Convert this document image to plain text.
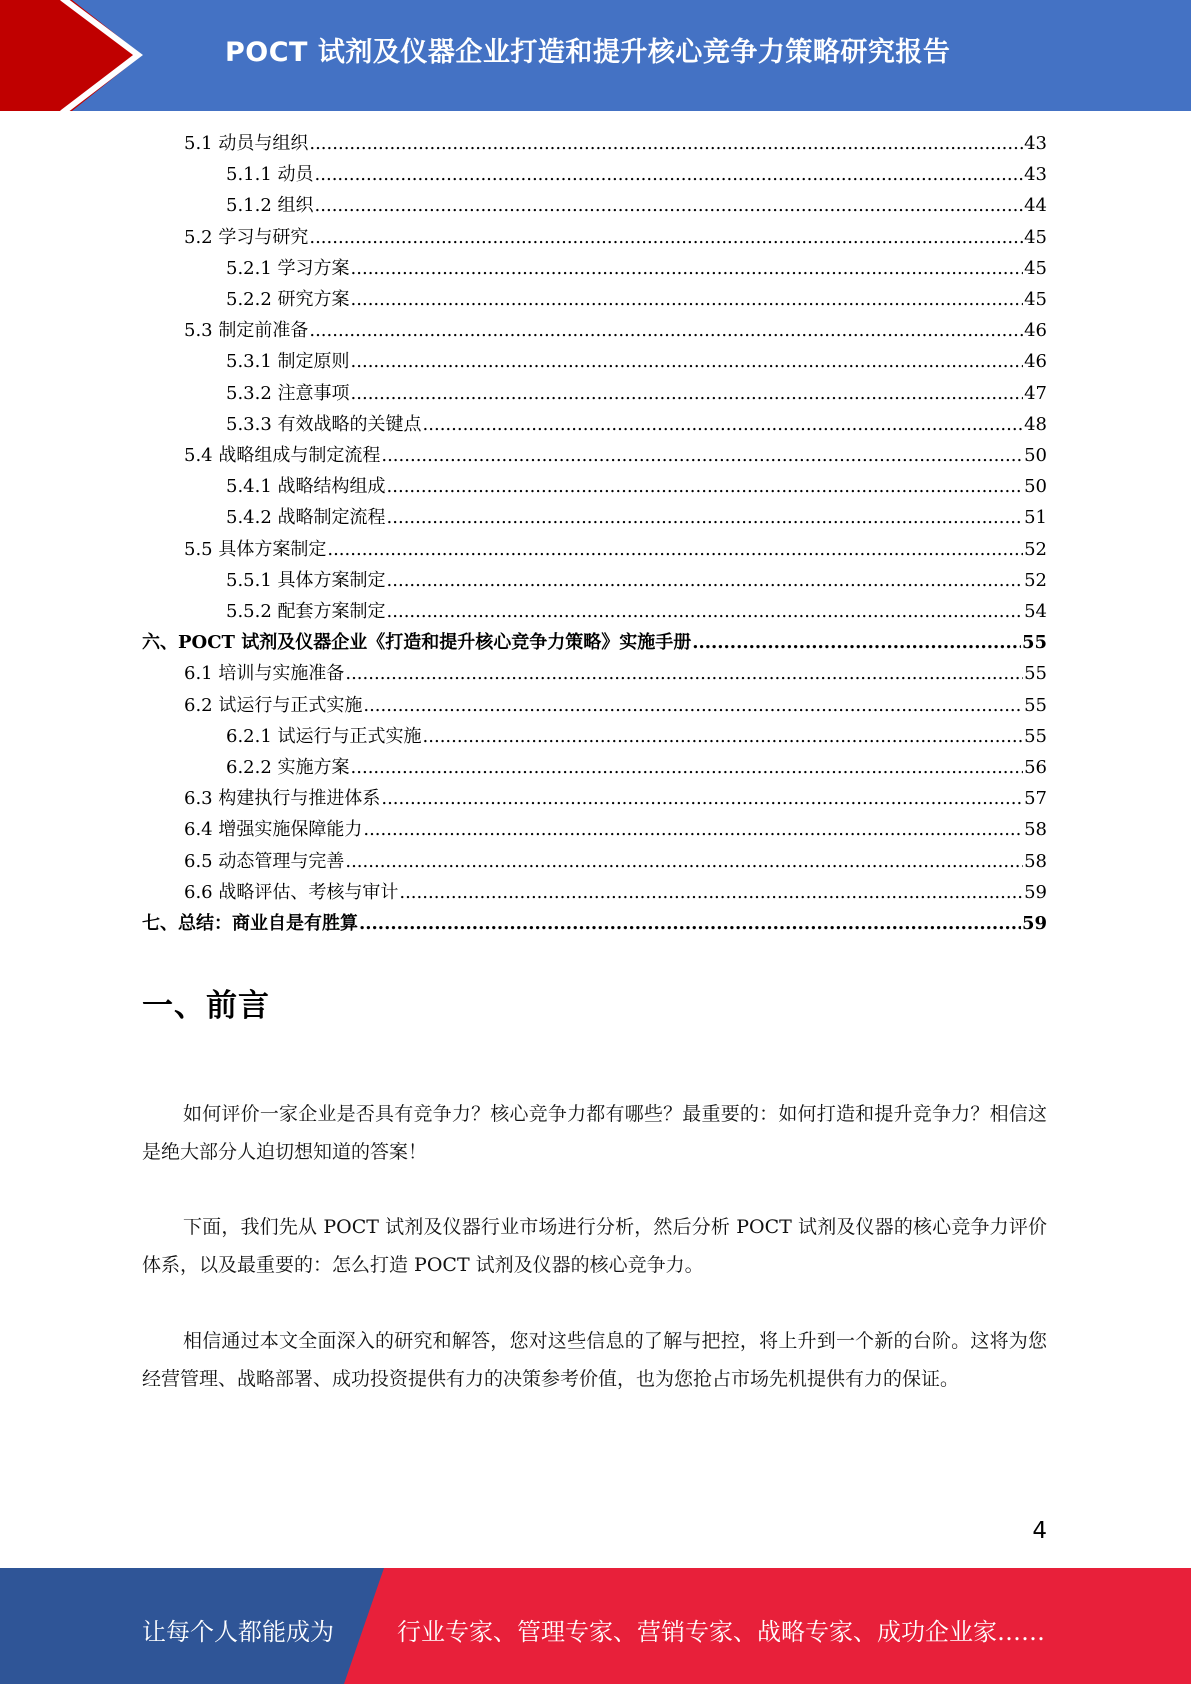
POCT 试剂及仪器企业打造和提升核心竞争力策略研究报告
5.1 动员与组织 .....	43
5.1.1 动员 .....	43
5.1.2 组织 .....	44
5.2 学习与研究 .....	45
5.2.1 学习方案 .....	45
5.2.2 研究方案 .....	45
5.3 制定前准备 .....	46
5.3.1 制定原则 .....	46
5.3.2 注意事项 .....	47
5.3.3 有效战略的关键点 .....	48
5.4 战略组成与制定流程 .....	50
5.4.1 战略结构组成 .....	50
5.4.2 战略制定流程 .....	51
5.5 具体方案制定 .....	52
5.5.1 具体方案制定 .....	52
5.5.2 配套方案制定 .....	54
六、POCT 试剂及仪器企业《打造和提升核心竞争力策略》实施手册 .....	55
6.1 培训与实施准备 .....	55
6.2 试运行与正式实施 .....	55
6.2.1 试运行与正式实施 .....	55
6.2.2 实施方案 .....	56
6.3 构建执行与推进体系 .....	57
6.4 增强实施保障能力 .....	58
6.5 动态管理与完善 .....	58
6.6 战略评估、考核与审计 .....	59
七、总结：商业自是有胜算 .....	59
一、前言

如何评价一家企业是否具有竞争力？核心竞争力都有哪些？最重要的：如何打造和提升竞争力？相信这是绝大部分人迫切想知道的答案！

下面，我们先从 POCT 试剂及仪器行业市场进行分析，然后分析 POCT 试剂及仪器的核心竞争力评价体系，以及最重要的：怎么打造 POCT 试剂及仪器的核心竞争力。

相信通过本文全面深入的研究和解答，您对这些信息的了解与把控，将上升到一个新的台阶。这将为您经营管理、战略部署、成功投资提供有力的决策参考价值，也为您抢占市场先机提供有力的保证。

4
让每个人都能成为	行业专家、管理专家、营销专家、战略专家、成功企业家……
